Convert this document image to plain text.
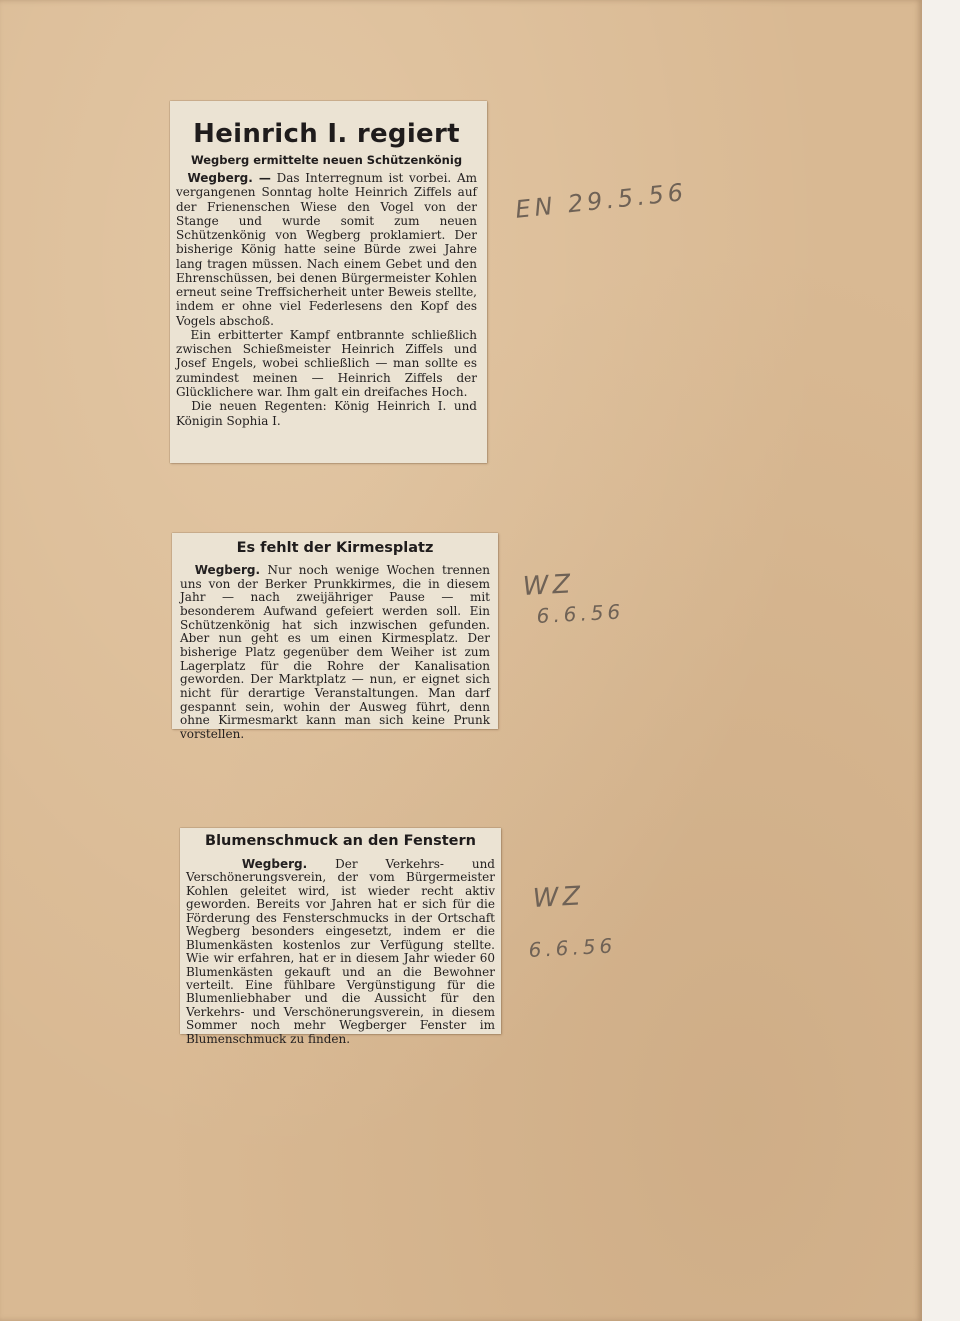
Heinrich I. regiert
Wegberg ermittelte neuen Schützenkönig

Wegberg. — Das Interregnum ist vorbei. Am vergangenen Sonntag holte Heinrich Ziffels auf der Frienenschen Wiese den Vogel von der Stange und wurde somit zum neuen Schützenkönig von Wegberg proklamiert. Der bisherige König hatte seine Bürde zwei Jahre lang tragen müssen. Nach einem Gebet und den Ehrenschüssen, bei denen Bürgermeister Kohlen erneut seine Treffsicherheit unter Beweis stellte, indem er ohne viel Federlesens den Kopf des Vogels abschoß.

Ein erbitterter Kampf entbrannte schließlich zwischen Schießmeister Heinrich Ziffels und Josef Engels, wobei schließlich — man sollte es zumindest meinen — Heinrich Ziffels der Glücklichere war. Ihm galt ein dreifaches Hoch.

Die neuen Regenten: König Heinrich I. und Königin Sophia I.

EN 29.5.56
Es fehlt der Kirmesplatz

Wegberg. Nur noch wenige Wochen trennen uns von der Berker Prunkkirmes, die in diesem Jahr — nach zweijähriger Pause — mit besonderem Aufwand gefeiert werden soll. Ein Schützenkönig hat sich inzwischen gefunden. Aber nun geht es um einen Kirmesplatz. Der bisherige Platz gegenüber dem Weiher ist zum Lagerplatz für die Rohre der Kanalisation geworden. Der Marktplatz — nun, er eignet sich nicht für derartige Veranstaltungen. Man darf gespannt sein, wohin der Ausweg führt, denn ohne Kirmesmarkt kann man sich keine Prunk vorstellen.

WZ
6.6.56
Blumenschmuck an den Fenstern

Wegberg. Der Verkehrs- und Verschönerungsverein, der vom Bürgermeister Kohlen geleitet wird, ist wieder recht aktiv geworden. Bereits vor Jahren hat er sich für die Förderung des Fensterschmucks in der Ortschaft Wegberg besonders eingesetzt, indem er die Blumenkästen kostenlos zur Verfügung stellte. Wie wir erfahren, hat er in diesem Jahr wieder 60 Blumenkästen gekauft und an die Bewohner verteilt. Eine fühlbare Vergünstigung für die Blumenliebhaber und die Aussicht für den Verkehrs- und Verschönerungsverein, in diesem Sommer noch mehr Wegberger Fenster im Blumenschmuck zu finden.

WZ
6.6.56
